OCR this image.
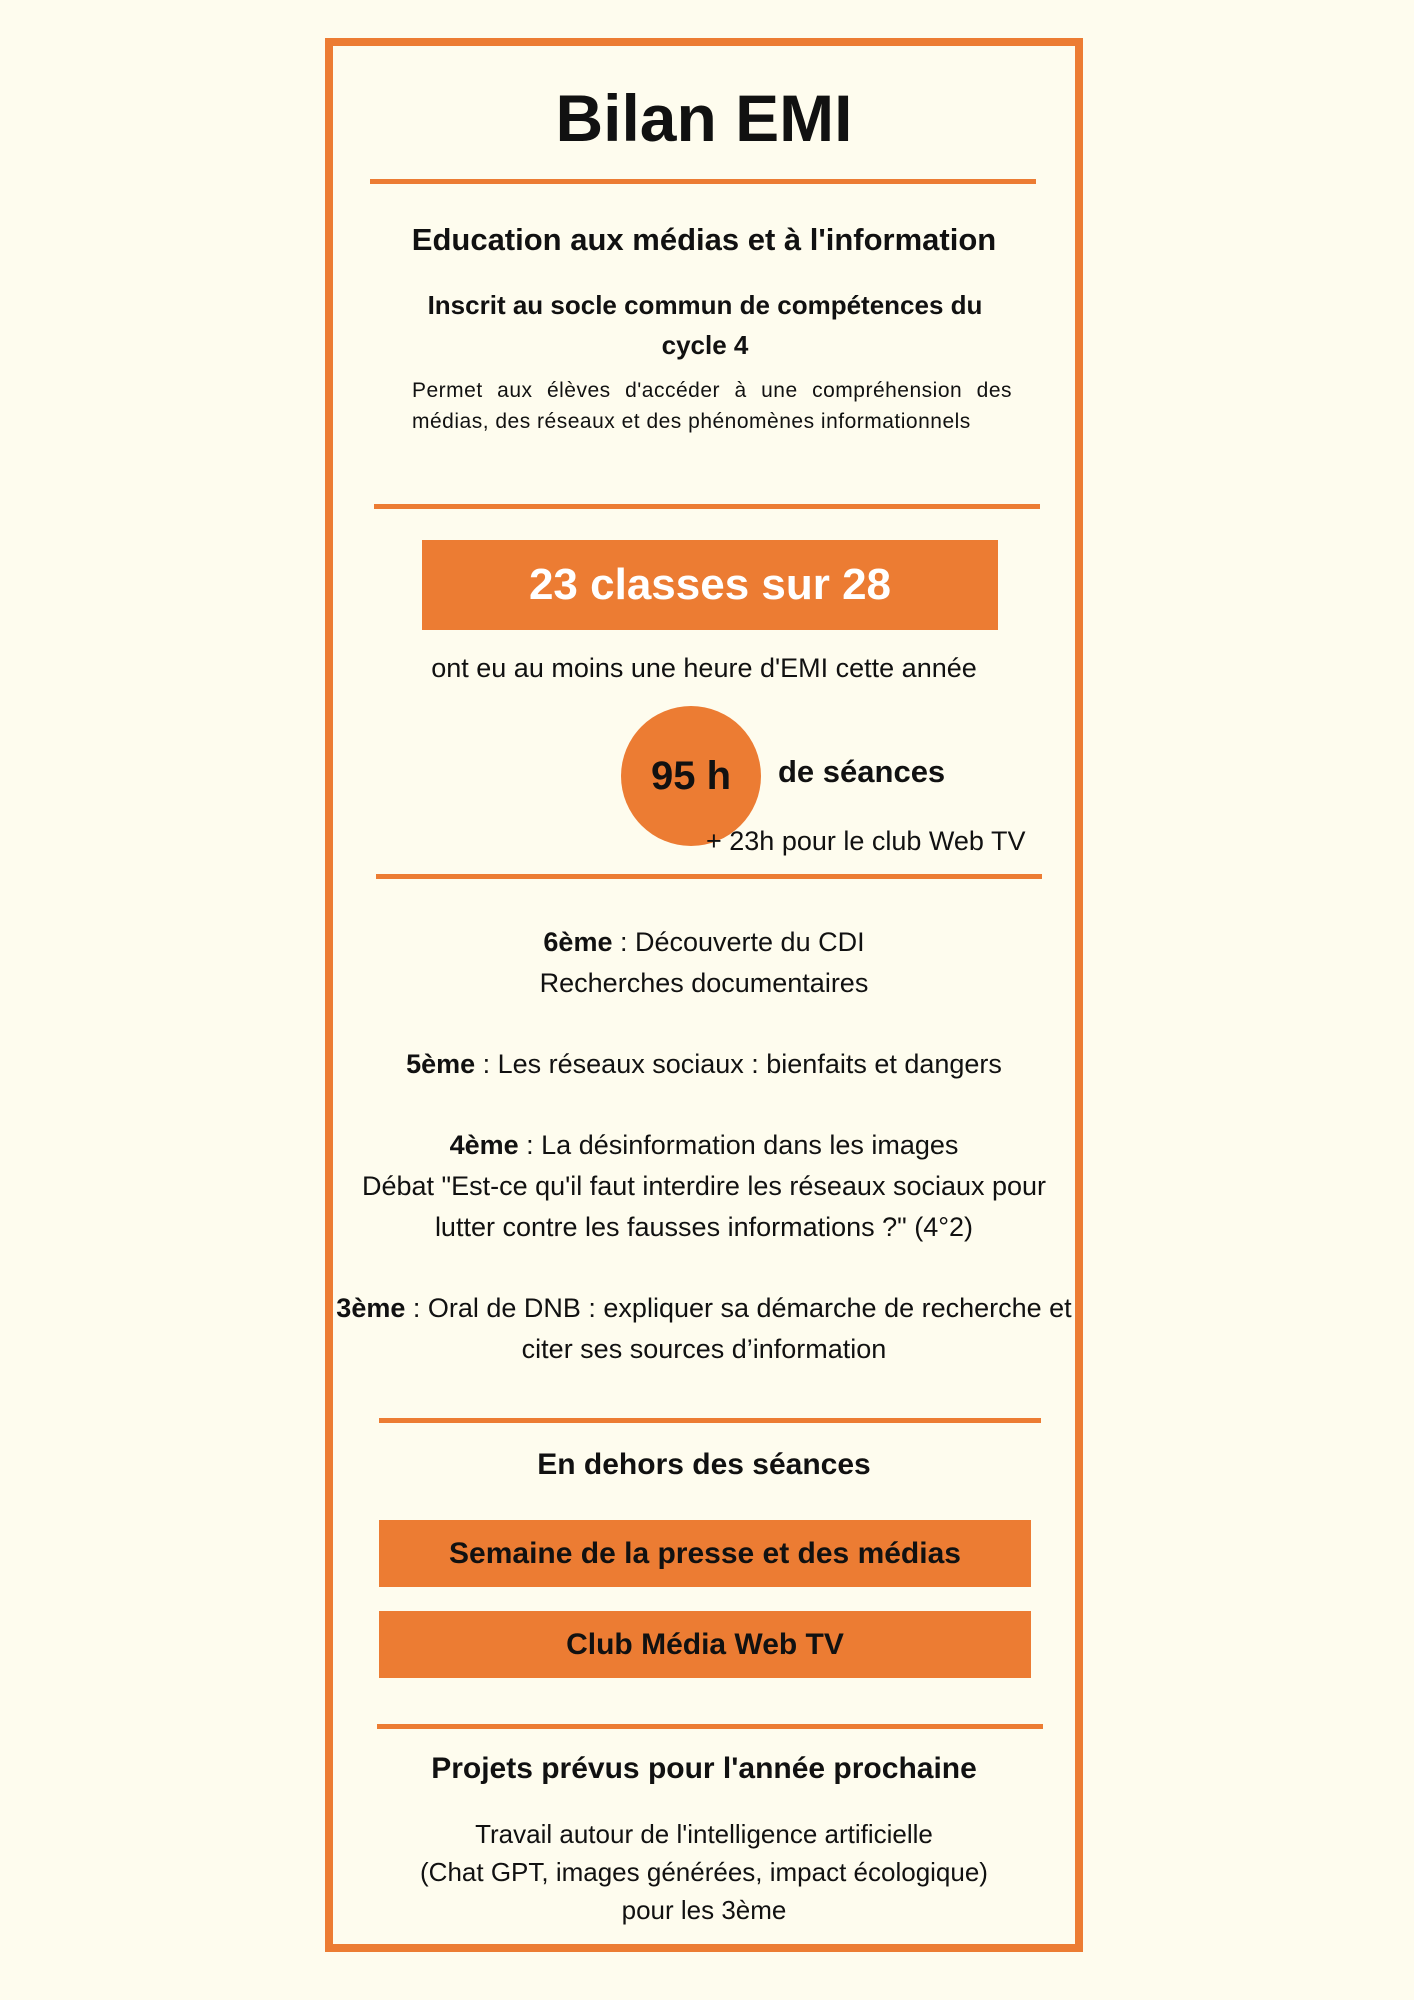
Bilan EMI
Education aux médias et à l'information
Inscrit au socle commun de compétences du cycle 4
Permet aux élèves d'accéder à une compréhension des médias, des réseaux et des phénomènes informationnels
23 classes sur 28
ont eu au moins une heure d'EMI cette année
95 h	de séances
+ 23h pour le club Web TV

6ème : Découverte du CDI
Recherches documentaires

5ème : Les réseaux sociaux : bienfaits et dangers

4ème : La désinformation dans les images
Débat "Est-ce qu'il faut interdire les réseaux sociaux pour lutter contre les fausses informations ?" (4°2)

3ème : Oral de DNB : expliquer sa démarche de recherche et citer ses sources d’information

En dehors des séances
Semaine de la presse et des médias
Club Média Web TV
Projets prévus pour l'année prochaine
Travail autour de l'intelligence artificielle
(Chat GPT, images générées, impact écologique)
pour les 3ème
